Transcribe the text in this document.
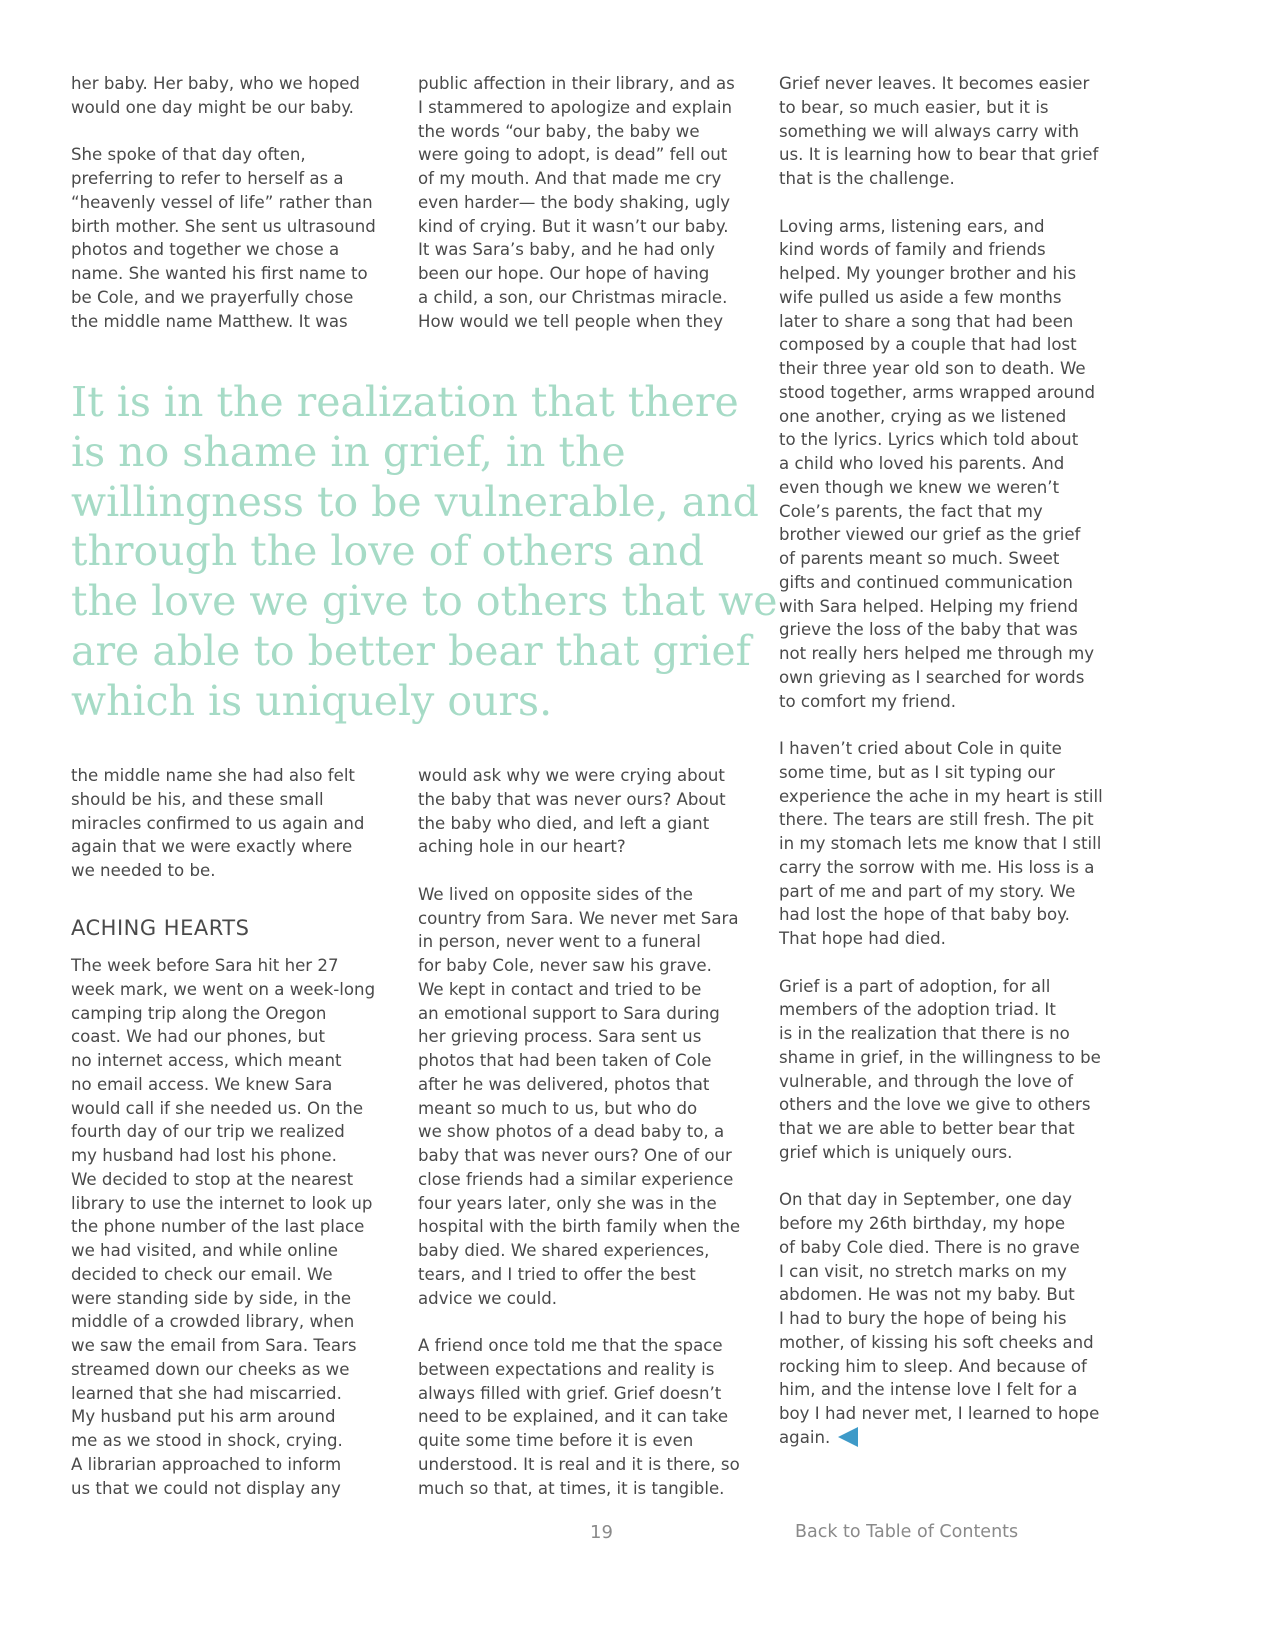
her baby. Her baby, who we hoped
would one day might be our baby.
She spoke of that day often,
preferring to refer to herself as a
“heavenly vessel of life” rather than
birth mother. She sent us ultrasound
photos and together we chose a
name. She wanted his first name to
be Cole, and we prayerfully chose
the middle name Matthew. It was
public affection in their library, and as
I stammered to apologize and explain
the words “our baby, the baby we
were going to adopt, is dead” fell out
of my mouth. And that made me cry
even harder— the body shaking, ugly
kind of crying. But it wasn’t our baby.
It was Sara’s baby, and he had only
been our hope. Our hope of having
a child, a son, our Christmas miracle.
How would we tell people when they
It is in the realization that there
is no shame in grief, in the
willingness to be vulnerable, and
through the love of others and
the love we give to others that we
are able to better bear that grief
which is uniquely ours.
the middle name she had also felt
should be his, and these small
miracles confirmed to us again and
again that we were exactly where
we needed to be.
ACHING HEARTS
The week before Sara hit her 27
week mark, we went on a week-long
camping trip along the Oregon
coast. We had our phones, but
no internet access, which meant
no email access. We knew Sara
would call if she needed us. On the
fourth day of our trip we realized
my husband had lost his phone.
We decided to stop at the nearest
library to use the internet to look up
the phone number of the last place
we had visited, and while online
decided to check our email. We
were standing side by side, in the
middle of a crowded library, when
we saw the email from Sara. Tears
streamed down our cheeks as we
learned that she had miscarried.
My husband put his arm around
me as we stood in shock, crying.
A librarian approached to inform
us that we could not display any
would ask why we were crying about
the baby that was never ours? About
the baby who died, and left a giant
aching hole in our heart?
We lived on opposite sides of the
country from Sara. We never met Sara
in person, never went to a funeral
for baby Cole, never saw his grave.
We kept in contact and tried to be
an emotional support to Sara during
her grieving process. Sara sent us
photos that had been taken of Cole
after he was delivered, photos that
meant so much to us, but who do
we show photos of a dead baby to, a
baby that was never ours? One of our
close friends had a similar experience
four years later, only she was in the
hospital with the birth family when the
baby died. We shared experiences,
tears, and I tried to offer the best
advice we could.
A friend once told me that the space
between expectations and reality is
always filled with grief. Grief doesn’t
need to be explained, and it can take
quite some time before it is even
understood. It is real and it is there, so
much so that, at times, it is tangible.
Grief never leaves. It becomes easier
to bear, so much easier, but it is
something we will always carry with
us. It is learning how to bear that grief
that is the challenge.
Loving arms, listening ears, and
kind words of family and friends
helped. My younger brother and his
wife pulled us aside a few months
later to share a song that had been
composed by a couple that had lost
their three year old son to death. We
stood together, arms wrapped around
one another, crying as we listened
to the lyrics. Lyrics which told about
a child who loved his parents. And
even though we knew we weren’t
Cole’s parents, the fact that my
brother viewed our grief as the grief
of parents meant so much. Sweet
gifts and continued communication
with Sara helped. Helping my friend
grieve the loss of the baby that was
not really hers helped me through my
own grieving as I searched for words
to comfort my friend.
I haven’t cried about Cole in quite
some time, but as I sit typing our
experience the ache in my heart is still
there. The tears are still fresh. The pit
in my stomach lets me know that I still
carry the sorrow with me. His loss is a
part of me and part of my story. We
had lost the hope of that baby boy.
That hope had died.
Grief is a part of adoption, for all
members of the adoption triad. It
is in the realization that there is no
shame in grief, in the willingness to be
vulnerable, and through the love of
others and the love we give to others
that we are able to better bear that
grief which is uniquely ours.
On that day in September, one day
before my 26th birthday, my hope
of baby Cole died. There is no grave
I can visit, no stretch marks on my
abdomen. He was not my baby. But
I had to bury the hope of being his
mother, of kissing his soft cheeks and
rocking him to sleep. And because of
him, and the intense love I felt for a
boy I had never met, I learned to hope
again.
19	Back to Table of Contents
